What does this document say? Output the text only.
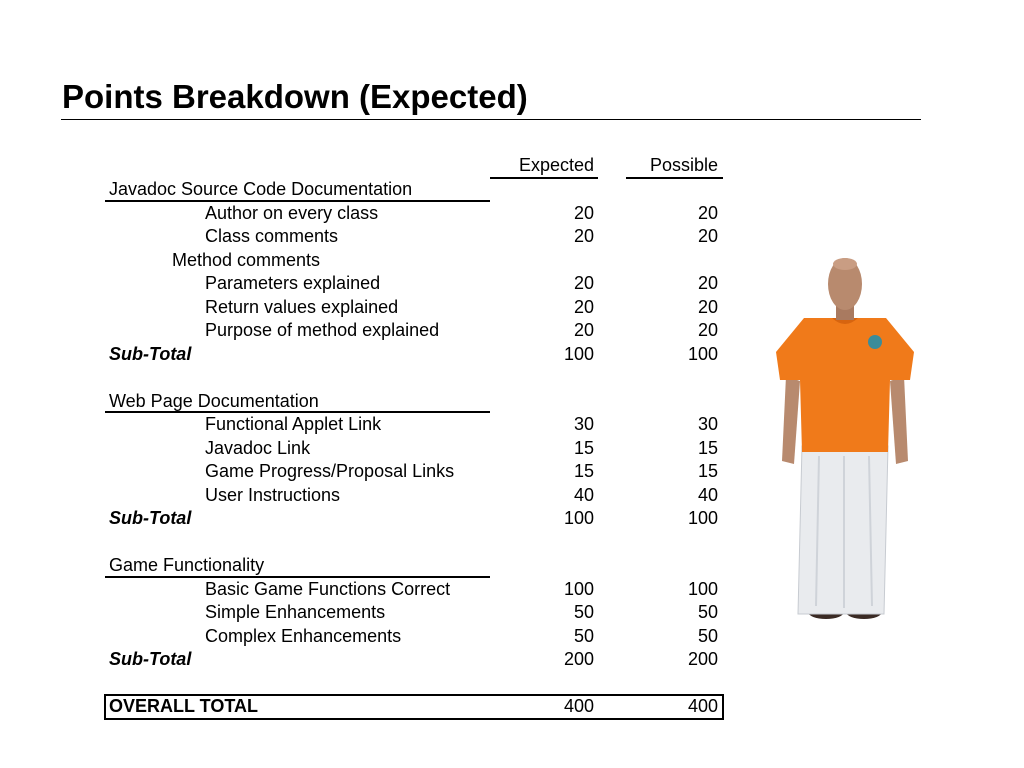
Points Breakdown (Expected)
Expected	Possible
Javadoc Source Code Documentation
Author on every class	20	20
Class comments	20	20
Method comments
Parameters explained	20	20
Return values explained	20	20
Purpose of method explained	20	20
Sub-Total	100	100
Web Page Documentation
Functional Applet Link	30	30
Javadoc Link	15	15
Game Progress/Proposal Links	15	15
User Instructions	40	40
Sub-Total	100	100
Game Functionality
Basic Game Functions Correct	100	100
Simple Enhancements	50	50
Complex Enhancements	50	50
Sub-Total	200	200
OVERALL TOTAL	400	400
